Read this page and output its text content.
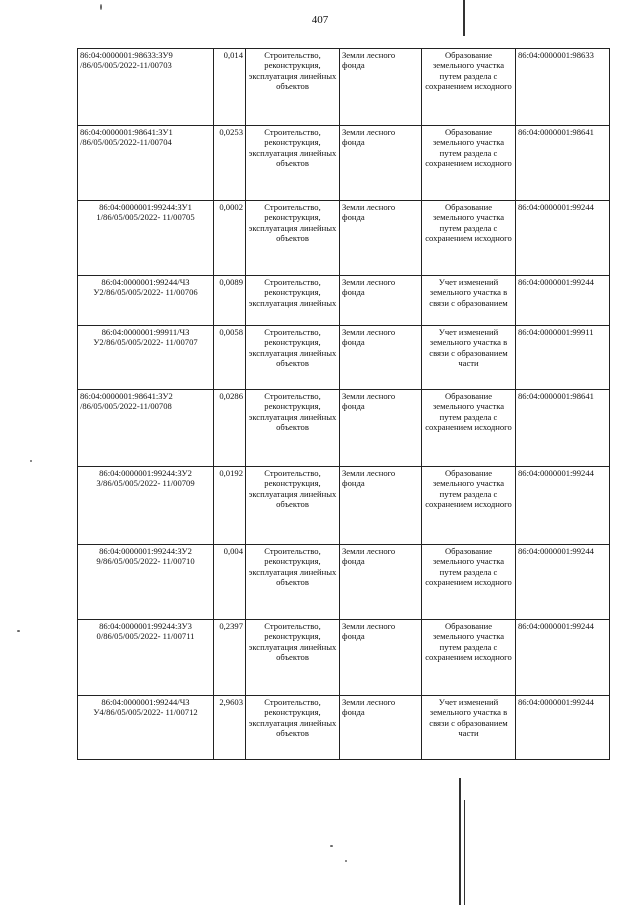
407
86:04:0000001:98633:ЗУ9 /86/05/005/2022-11/00703	0,014	Строительство, реконструкция, эксплуатация линейных объектов	Земли лесного фонда	Образование земельного участка путем раздела с сохранением исходного	86:04:0000001:98633
86:04:0000001:98641:ЗУ1 /86/05/005/2022-11/00704	0,0253	Строительство, реконструкция, эксплуатация линейных объектов	Земли лесного фонда	Образование земельного участка путем раздела с сохранением исходного	86:04:0000001:98641
86:04:0000001:99244:ЗУ1 1/86/05/005/2022- 11/00705	0,0002	Строительство, реконструкция, эксплуатация линейных объектов	Земли лесного фонда	Образование земельного участка путем раздела с сохранением исходного	86:04:0000001:99244
86:04:0000001:99244/ЧЗ У2/86/05/005/2022- 11/00706	0,0089	Строительство, реконструкция, эксплуатация линейных	Земли лесного фонда	Учет изменений земельного участка в связи с образованием	86:04:0000001:99244
86:04:0000001:99911/ЧЗ У2/86/05/005/2022- 11/00707	0,0058	Строительство, реконструкция, эксплуатация линейных объектов	Земли лесного фонда	Учет изменений земельного участка в связи с образованием части	86:04:0000001:99911
86:04:0000001:98641:ЗУ2 /86/05/005/2022-11/00708	0,0286	Строительство, реконструкция, эксплуатация линейных объектов	Земли лесного фонда	Образование земельного участка путем раздела с сохранением исходного	86:04:0000001:98641
86:04:0000001:99244:ЗУ2 3/86/05/005/2022- 11/00709	0,0192	Строительство, реконструкция, эксплуатация линейных объектов	Земли лесного фонда	Образование земельного участка путем раздела с сохранением исходного	86:04:0000001:99244
86:04:0000001:99244:ЗУ2 9/86/05/005/2022- 11/00710	0,004	Строительство, реконструкция, эксплуатация линейных объектов	Земли лесного фонда	Образование земельного участка путем раздела с сохранением исходного	86:04:0000001:99244
86:04:0000001:99244:ЗУ3 0/86/05/005/2022- 11/00711	0,2397	Строительство, реконструкция, эксплуатация линейных объектов	Земли лесного фонда	Образование земельного участка путем раздела с сохранением исходного	86:04:0000001:99244
86:04:0000001:99244/ЧЗ У4/86/05/005/2022- 11/00712	2,9603	Строительство, реконструкция, эксплуатация линейных объектов	Земли лесного фонда	Учет изменений земельного участка в связи с образованием части	86:04:0000001:99244
